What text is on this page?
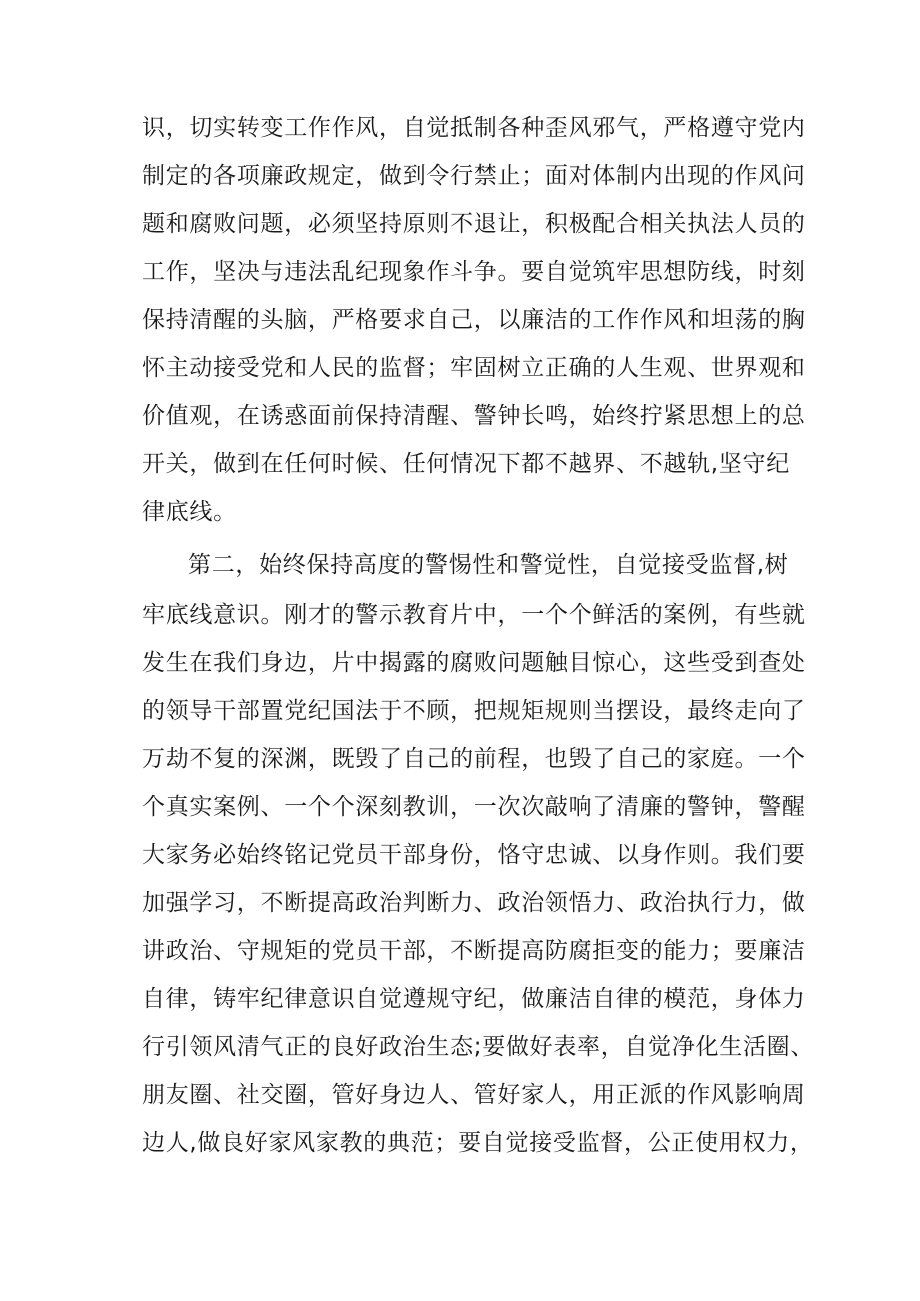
识，切实转变工作作风，自觉抵制各种歪风邪气，严格遵守党内
制定的各项廉政规定，做到令行禁止；面对体制内出现的作风问
题和腐败问题，必须坚持原则不退让，积极配合相关执法人员的
工作，坚决与违法乱纪现象作斗争。要自觉筑牢思想防线，时刻
保持清醒的头脑，严格要求自己，以廉洁的工作作风和坦荡的胸
怀主动接受党和人民的监督；牢固树立正确的人生观、世界观和
价值观，在诱惑面前保持清醒、警钟长鸣，始终拧紧思想上的总
开关，做到在任何时候、任何情况下都不越界、不越轨,坚守纪
律底线。
第二，始终保持高度的警惕性和警觉性，自觉接受监督,树
牢底线意识。刚才的警示教育片中，一个个鲜活的案例，有些就
发生在我们身边，片中揭露的腐败问题触目惊心，这些受到查处
的领导干部置党纪国法于不顾，把规矩规则当摆设，最终走向了
万劫不复的深渊，既毁了自己的前程，也毁了自己的家庭。一个
个真实案例、一个个深刻教训，一次次敲响了清廉的警钟，警醒
大家务必始终铭记党员干部身份，恪守忠诚、以身作则。我们要
加强学习，不断提高政治判断力、政治领悟力、政治执行力，做
讲政治、守规矩的党员干部，不断提高防腐拒变的能力；要廉洁
自律，铸牢纪律意识自觉遵规守纪，做廉洁自律的模范，身体力
行引领风清气正的良好政治生态;要做好表率，自觉净化生活圈、
朋友圈、社交圈，管好身边人、管好家人，用正派的作风影响周
边人,做良好家风家教的典范；要自觉接受监督，公正使用权力，
